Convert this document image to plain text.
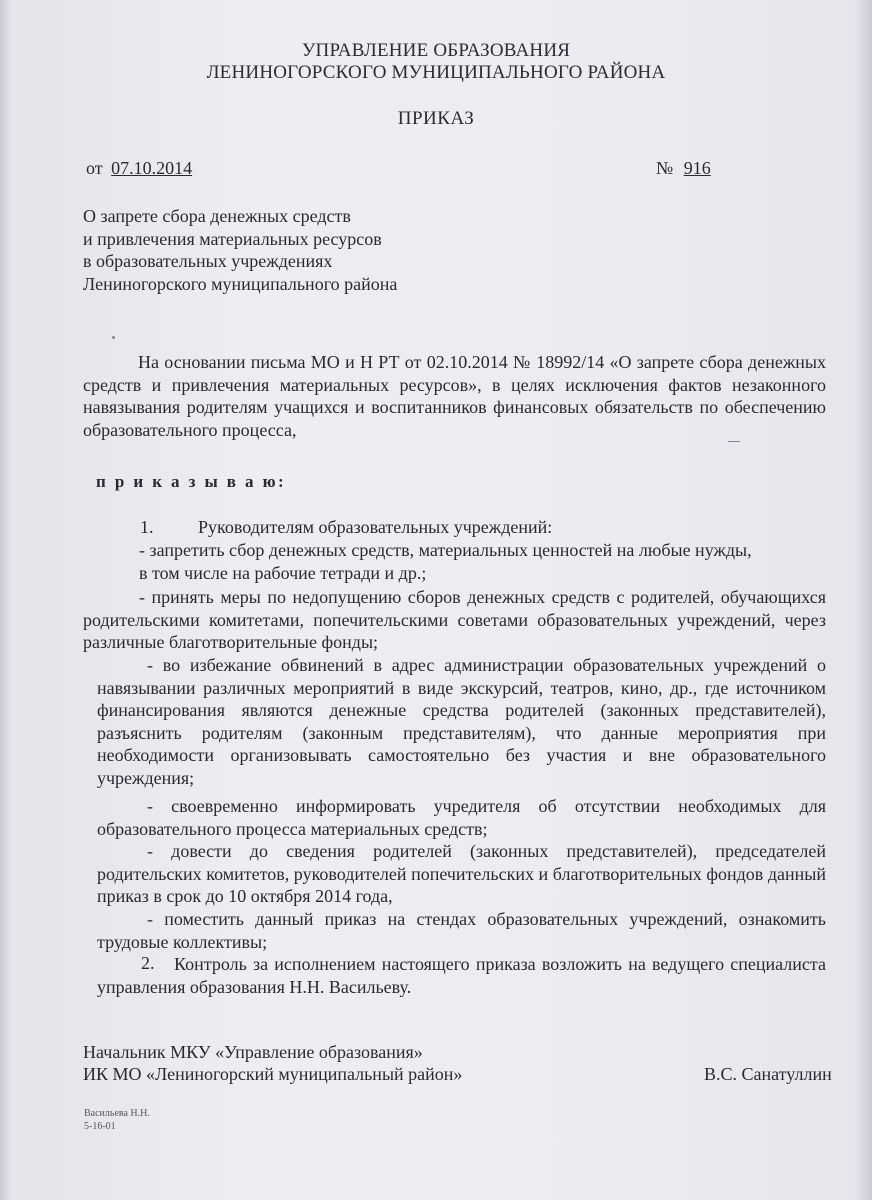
УПРАВЛЕНИЕ ОБРАЗОВАНИЯ
ЛЕНИНОГОРСКОГО МУНИЦИПАЛЬНОГО РАЙОНА
ПРИКАЗ
от 07.10.2014	№ 916
О запрете сбора денежных средств
и привлечения материальных ресурсов
в образовательных учреждениях
Лениногорского муниципального района
На основании письма МО и Н РТ от 02.10.2014 № 18992/14 «О запрете сбора денежных средств и привлечения материальных ресурсов», в целях исключения фактов незаконного навязывания родителям учащихся и воспитанников финансовых обязательств по обеспечению образовательного процесса,
п р и к а з ы в а ю:
1. Руководителям образовательных учреждений:
- запретить сбор денежных средств, материальных ценностей на любые нужды,
в том числе на рабочие тетради и др.;
- принять меры по недопущению сборов денежных средств с родителей, обучающихся родительскими комитетами, попечительскими советами образовательных учреждений, через различные благотворительные фонды;
- во избежание обвинений в адрес администрации образовательных учреждений о навязывании различных мероприятий в виде экскурсий, театров, кино, др., где источником финансирования являются денежные средства родителей (законных представителей), разъяснить родителям (законным представителям), что данные мероприятия при необходимости организовывать самостоятельно без участия и вне образовательного учреждения;
- своевременно информировать учредителя об отсутствии необходимых для образовательного процесса материальных средств;
- довести до сведения родителей (законных представителей), председателей родительских комитетов, руководителей попечительских и благотворительных фондов данный приказ в срок до 10 октября 2014 года,
- поместить данный приказ на стендах образовательных учреждений, ознакомить трудовые коллективы;
2.	Контроль за исполнением настоящего приказа возложить на ведущего специалиста управления образования Н.Н. Васильеву.
Начальник МКУ «Управление образования»
ИК МО «Лениногорский муниципальный район»	В.С. Санатуллин
Васильева Н.Н.
5-16-01
